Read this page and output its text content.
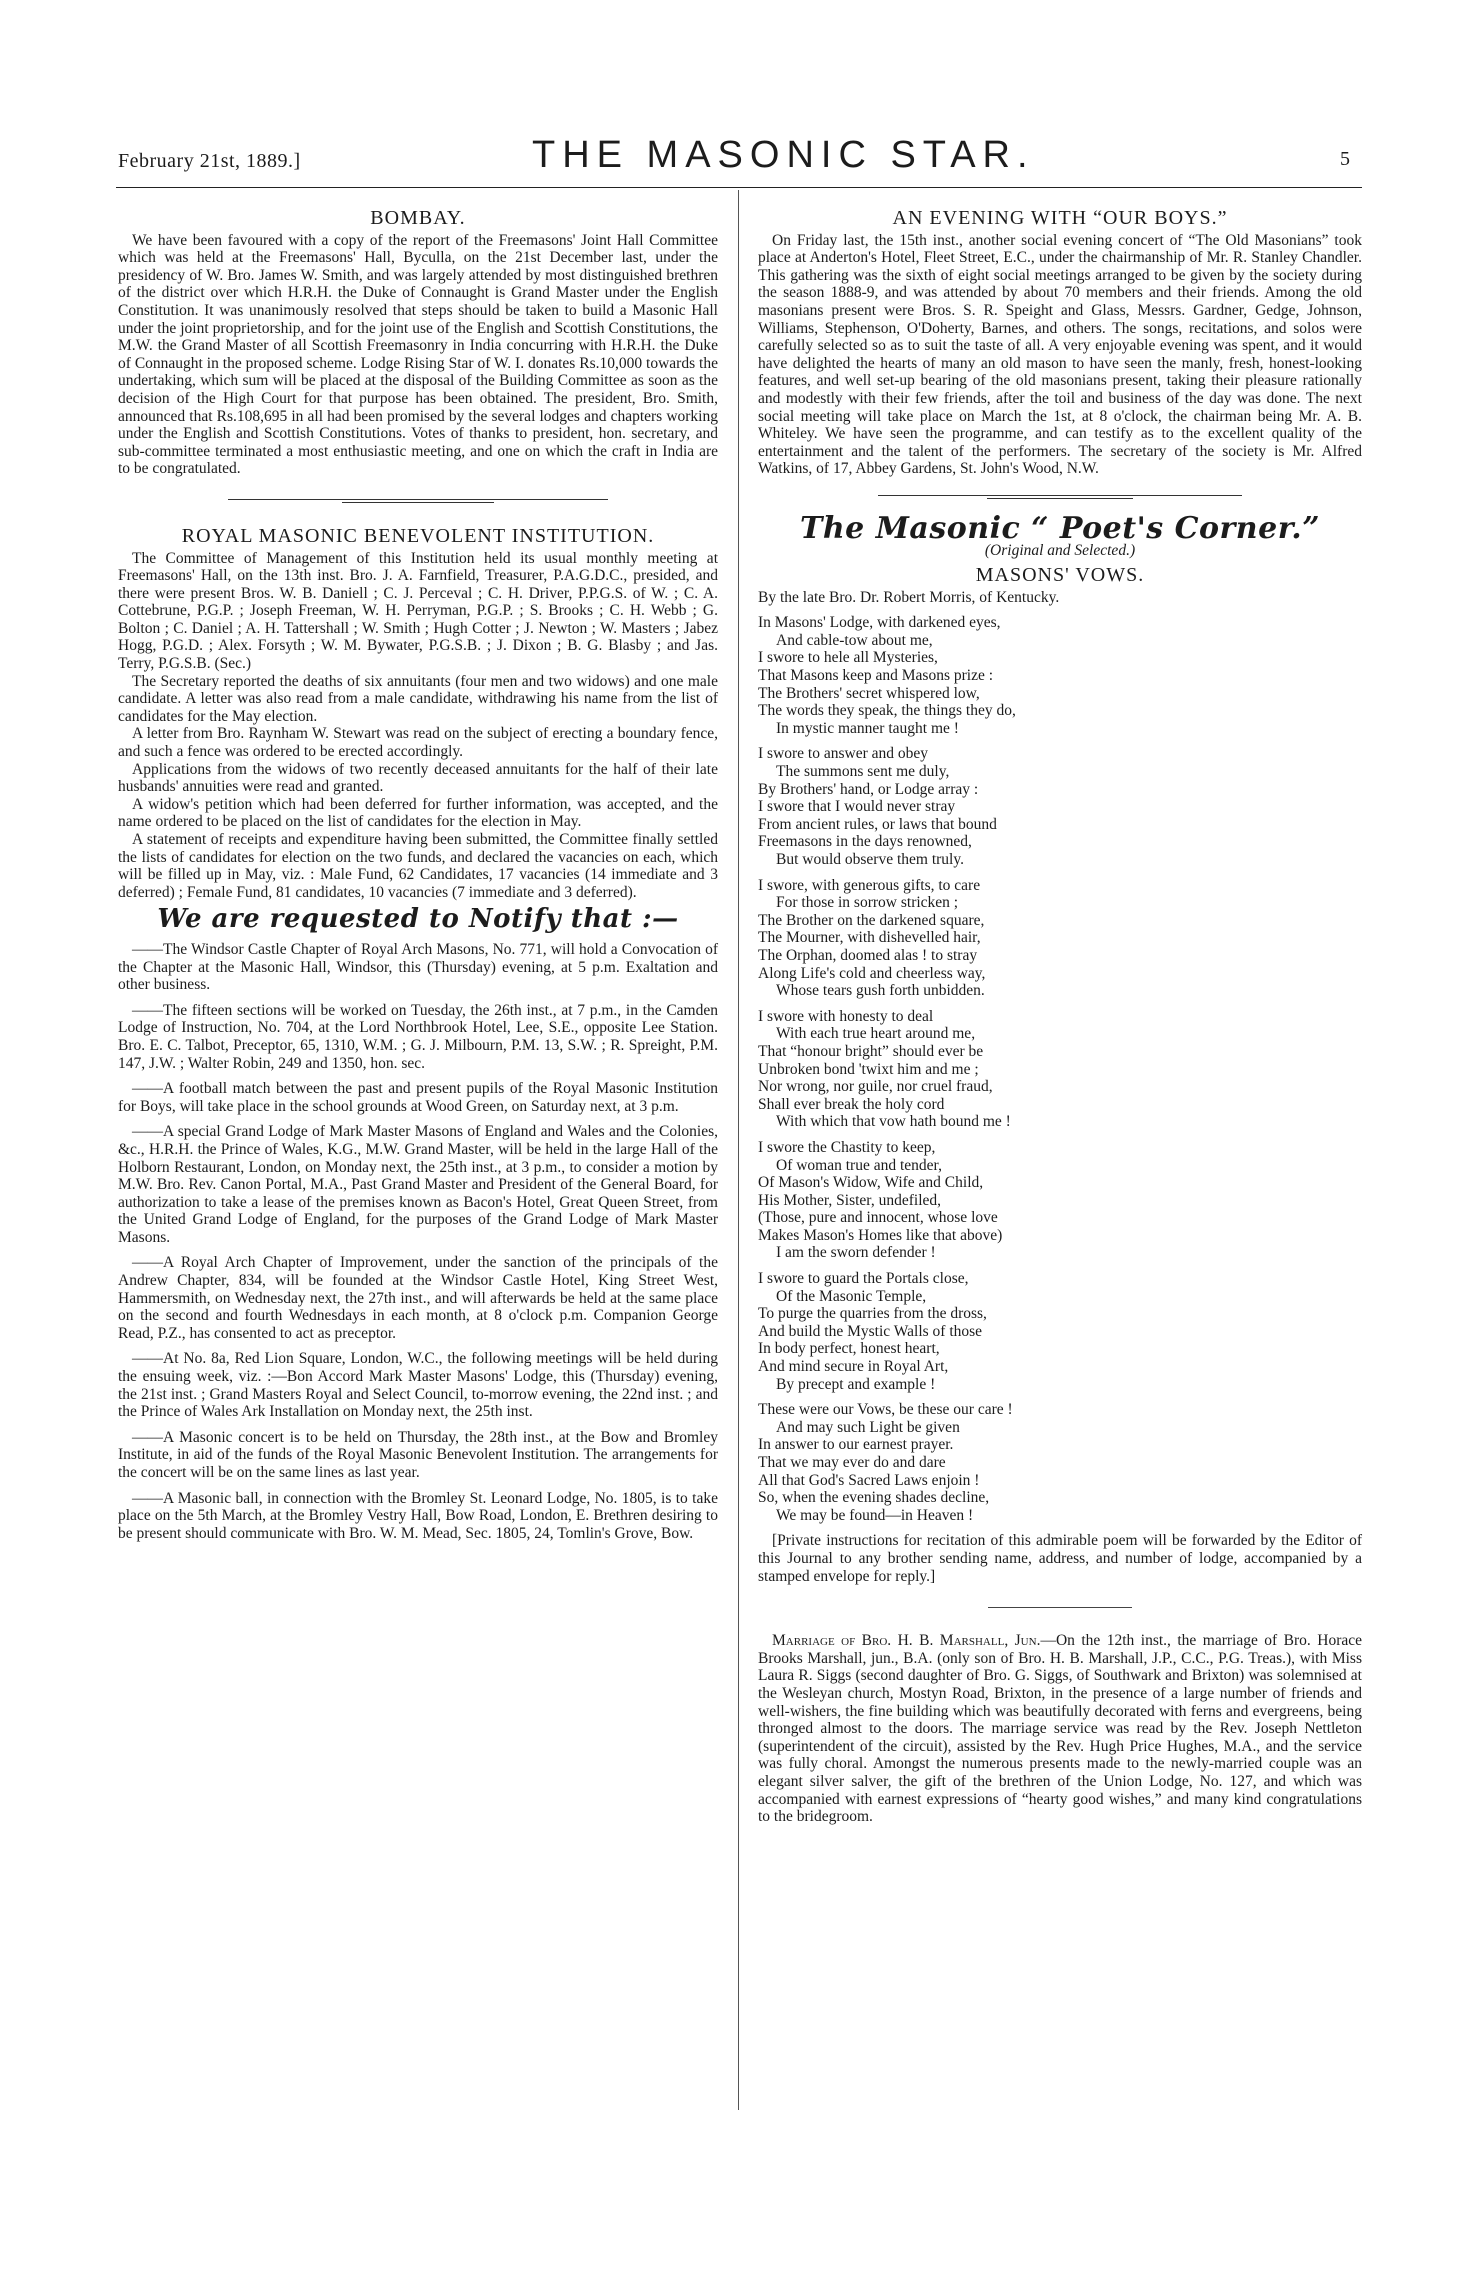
February 21st, 1889.]	THE MASONIC STAR.	5
BOMBAY.

We have been favoured with a copy of the report of the Freemasons' Joint Hall Committee which was held at the Freemasons' Hall, Byculla, on the 21st December last, under the presidency of W. Bro. James W. Smith, and was largely attended by most distinguished brethren of the district over which H.R.H. the Duke of Connaught is Grand Master under the English Constitution. It was unanimously resolved that steps should be taken to build a Masonic Hall under the joint proprietorship, and for the joint use of the English and Scottish Constitutions, the M.W. the Grand Master of all Scottish Freemasonry in India concurring with H.R.H. the Duke of Connaught in the proposed scheme. Lodge Rising Star of W. I. donates Rs.10,000 towards the undertaking, which sum will be placed at the disposal of the Building Committee as soon as the decision of the High Court for that purpose has been obtained. The president, Bro. Smith, announced that Rs.108,695 in all had been promised by the several lodges and chapters working under the English and Scottish Constitutions. Votes of thanks to president, hon. secretary, and sub-committee terminated a most enthusiastic meeting, and one on which the craft in India are to be congratulated.

ROYAL MASONIC BENEVOLENT INSTITUTION.

The Committee of Management of this Institution held its usual monthly meeting at Freemasons' Hall, on the 13th inst. Bro. J. A. Farnfield, Treasurer, P.A.G.D.C., presided, and there were present Bros. W. B. Daniell ; C. J. Perceval ; C. H. Driver, P.P.G.S. of W. ; C. A. Cottebrune, P.G.P. ; Joseph Freeman, W. H. Perryman, P.G.P. ; S. Brooks ; C. H. Webb ; G. Bolton ; C. Daniel ; A. H. Tattershall ; W. Smith ; Hugh Cotter ; J. Newton ; W. Masters ; Jabez Hogg, P.G.D. ; Alex. Forsyth ; W. M. Bywater, P.G.S.B. ; J. Dixon ; B. G. Blasby ; and Jas. Terry, P.G.S.B. (Sec.)

The Secretary reported the deaths of six annuitants (four men and two widows) and one male candidate. A letter was also read from a male candidate, withdrawing his name from the list of candidates for the May election.

A letter from Bro. Raynham W. Stewart was read on the subject of erecting a boundary fence, and such a fence was ordered to be erected accordingly.

Applications from the widows of two recently deceased annuitants for the half of their late husbands' annuities were read and granted.

A widow's petition which had been deferred for further information, was accepted, and the name ordered to be placed on the list of candidates for the election in May.

A statement of receipts and expenditure having been submitted, the Committee finally settled the lists of candidates for election on the two funds, and declared the vacancies on each, which will be filled up in May, viz. : Male Fund, 62 Candidates, 17 vacancies (14 immediate and 3 deferred) ; Female Fund, 81 candidates, 10 vacancies (7 immediate and 3 deferred).

We are requested to Notify that :—

——The Windsor Castle Chapter of Royal Arch Masons, No. 771, will hold a Convocation of the Chapter at the Masonic Hall, Windsor, this (Thursday) evening, at 5 p.m. Exaltation and other business.

——The fifteen sections will be worked on Tuesday, the 26th inst., at 7 p.m., in the Camden Lodge of Instruction, No. 704, at the Lord Northbrook Hotel, Lee, S.E., opposite Lee Station. Bro. E. C. Talbot, Preceptor, 65, 1310, W.M. ; G. J. Milbourn, P.M. 13, S.W. ; R. Spreight, P.M. 147, J.W. ; Walter Robin, 249 and 1350, hon. sec.

——A football match between the past and present pupils of the Royal Masonic Institution for Boys, will take place in the school grounds at Wood Green, on Saturday next, at 3 p.m.

——A special Grand Lodge of Mark Master Masons of England and Wales and the Colonies, &c., H.R.H. the Prince of Wales, K.G., M.W. Grand Master, will be held in the large Hall of the Holborn Restaurant, London, on Monday next, the 25th inst., at 3 p.m., to consider a motion by M.W. Bro. Rev. Canon Portal, M.A., Past Grand Master and President of the General Board, for authorization to take a lease of the premises known as Bacon's Hotel, Great Queen Street, from the United Grand Lodge of England, for the purposes of the Grand Lodge of Mark Master Masons.

——A Royal Arch Chapter of Improvement, under the sanction of the principals of the Andrew Chapter, 834, will be founded at the Windsor Castle Hotel, King Street West, Hammersmith, on Wednesday next, the 27th inst., and will afterwards be held at the same place on the second and fourth Wednesdays in each month, at 8 o'clock p.m. Companion George Read, P.Z., has consented to act as preceptor.

——At No. 8a, Red Lion Square, London, W.C., the following meetings will be held during the ensuing week, viz. :—Bon Accord Mark Master Masons' Lodge, this (Thursday) evening, the 21st inst. ; Grand Masters Royal and Select Council, to-morrow evening, the 22nd inst. ; and the Prince of Wales Ark Installation on Monday next, the 25th inst.

——A Masonic concert is to be held on Thursday, the 28th inst., at the Bow and Bromley Institute, in aid of the funds of the Royal Masonic Benevolent Institution. The arrangements for the concert will be on the same lines as last year.

——A Masonic ball, in connection with the Bromley St. Leonard Lodge, No. 1805, is to take place on the 5th March, at the Bromley Vestry Hall, Bow Road, London, E. Brethren desiring to be present should communicate with Bro. W. M. Mead, Sec. 1805, 24, Tomlin's Grove, Bow.

AN EVENING WITH “OUR BOYS.”

On Friday last, the 15th inst., another social evening concert of “The Old Masonians” took place at Anderton's Hotel, Fleet Street, E.C., under the chairmanship of Mr. R. Stanley Chandler. This gathering was the sixth of eight social meetings arranged to be given by the society during the season 1888-9, and was attended by about 70 members and their friends. Among the old masonians present were Bros. S. R. Speight and Glass, Messrs. Gardner, Gedge, Johnson, Williams, Stephenson, O'Doherty, Barnes, and others. The songs, recitations, and solos were carefully selected so as to suit the taste of all. A very enjoyable evening was spent, and it would have delighted the hearts of many an old mason to have seen the manly, fresh, honest-looking features, and well set-up bearing of the old masonians present, taking their pleasure rationally and modestly with their few friends, after the toil and business of the day was done. The next social meeting will take place on March the 1st, at 8 o'clock, the chairman being Mr. A. B. Whiteley. We have seen the programme, and can testify as to the excellent quality of the entertainment and the talent of the performers. The secretary of the society is Mr. Alfred Watkins, of 17, Abbey Gardens, St. John's Wood, N.W.

The Masonic “ Poet's Corner.”
(Original and Selected.)
MASONS' VOWS.
By the late Bro. Dr. Robert Morris, of Kentucky.
In Masons' Lodge, with darkened eyes,
And cable-tow about me,
I swore to hele all Mysteries,
That Masons keep and Masons prize :
The Brothers' secret whispered low,
The words they speak, the things they do,
In mystic manner taught me !
I swore to answer and obey
The summons sent me duly,
By Brothers' hand, or Lodge array :
I swore that I would never stray
From ancient rules, or laws that bound
Freemasons in the days renowned,
But would observe them truly.
I swore, with generous gifts, to care
For those in sorrow stricken ;
The Brother on the darkened square,
The Mourner, with dishevelled hair,
The Orphan, doomed alas ! to stray
Along Life's cold and cheerless way,
Whose tears gush forth unbidden.
I swore with honesty to deal
With each true heart around me,
That “honour bright” should ever be
Unbroken bond 'twixt him and me ;
Nor wrong, nor guile, nor cruel fraud,
Shall ever break the holy cord
With which that vow hath bound me !
I swore the Chastity to keep,
Of woman true and tender,
Of Mason's Widow, Wife and Child,
His Mother, Sister, undefiled,
(Those, pure and innocent, whose love
Makes Mason's Homes like that above)
I am the sworn defender !
I swore to guard the Portals close,
Of the Masonic Temple,
To purge the quarries from the dross,
And build the Mystic Walls of those
In body perfect, honest heart,
And mind secure in Royal Art,
By precept and example !
These were our Vows, be these our care !
And may such Light be given
In answer to our earnest prayer.
That we may ever do and dare
All that God's Sacred Laws enjoin !
So, when the evening shades decline,
We may be found—in Heaven !

[Private instructions for recitation of this admirable poem will be forwarded by the Editor of this Journal to any brother sending name, address, and number of lodge, accompanied by a stamped envelope for reply.]

Marriage of Bro. H. B. Marshall, Jun.—On the 12th inst., the marriage of Bro. Horace Brooks Marshall, jun., B.A. (only son of Bro. H. B. Marshall, J.P., C.C., P.G. Treas.), with Miss Laura R. Siggs (second daughter of Bro. G. Siggs, of Southwark and Brixton) was solemnised at the Wesleyan church, Mostyn Road, Brixton, in the presence of a large number of friends and well-wishers, the fine building which was beautifully decorated with ferns and evergreens, being thronged almost to the doors. The marriage service was read by the Rev. Joseph Nettleton (superintendent of the circuit), assisted by the Rev. Hugh Price Hughes, M.A., and the service was fully choral. Amongst the numerous presents made to the newly-married couple was an elegant silver salver, the gift of the brethren of the Union Lodge, No. 127, and which was accompanied with earnest expressions of “hearty good wishes,” and many kind congratulations to the bridegroom.
